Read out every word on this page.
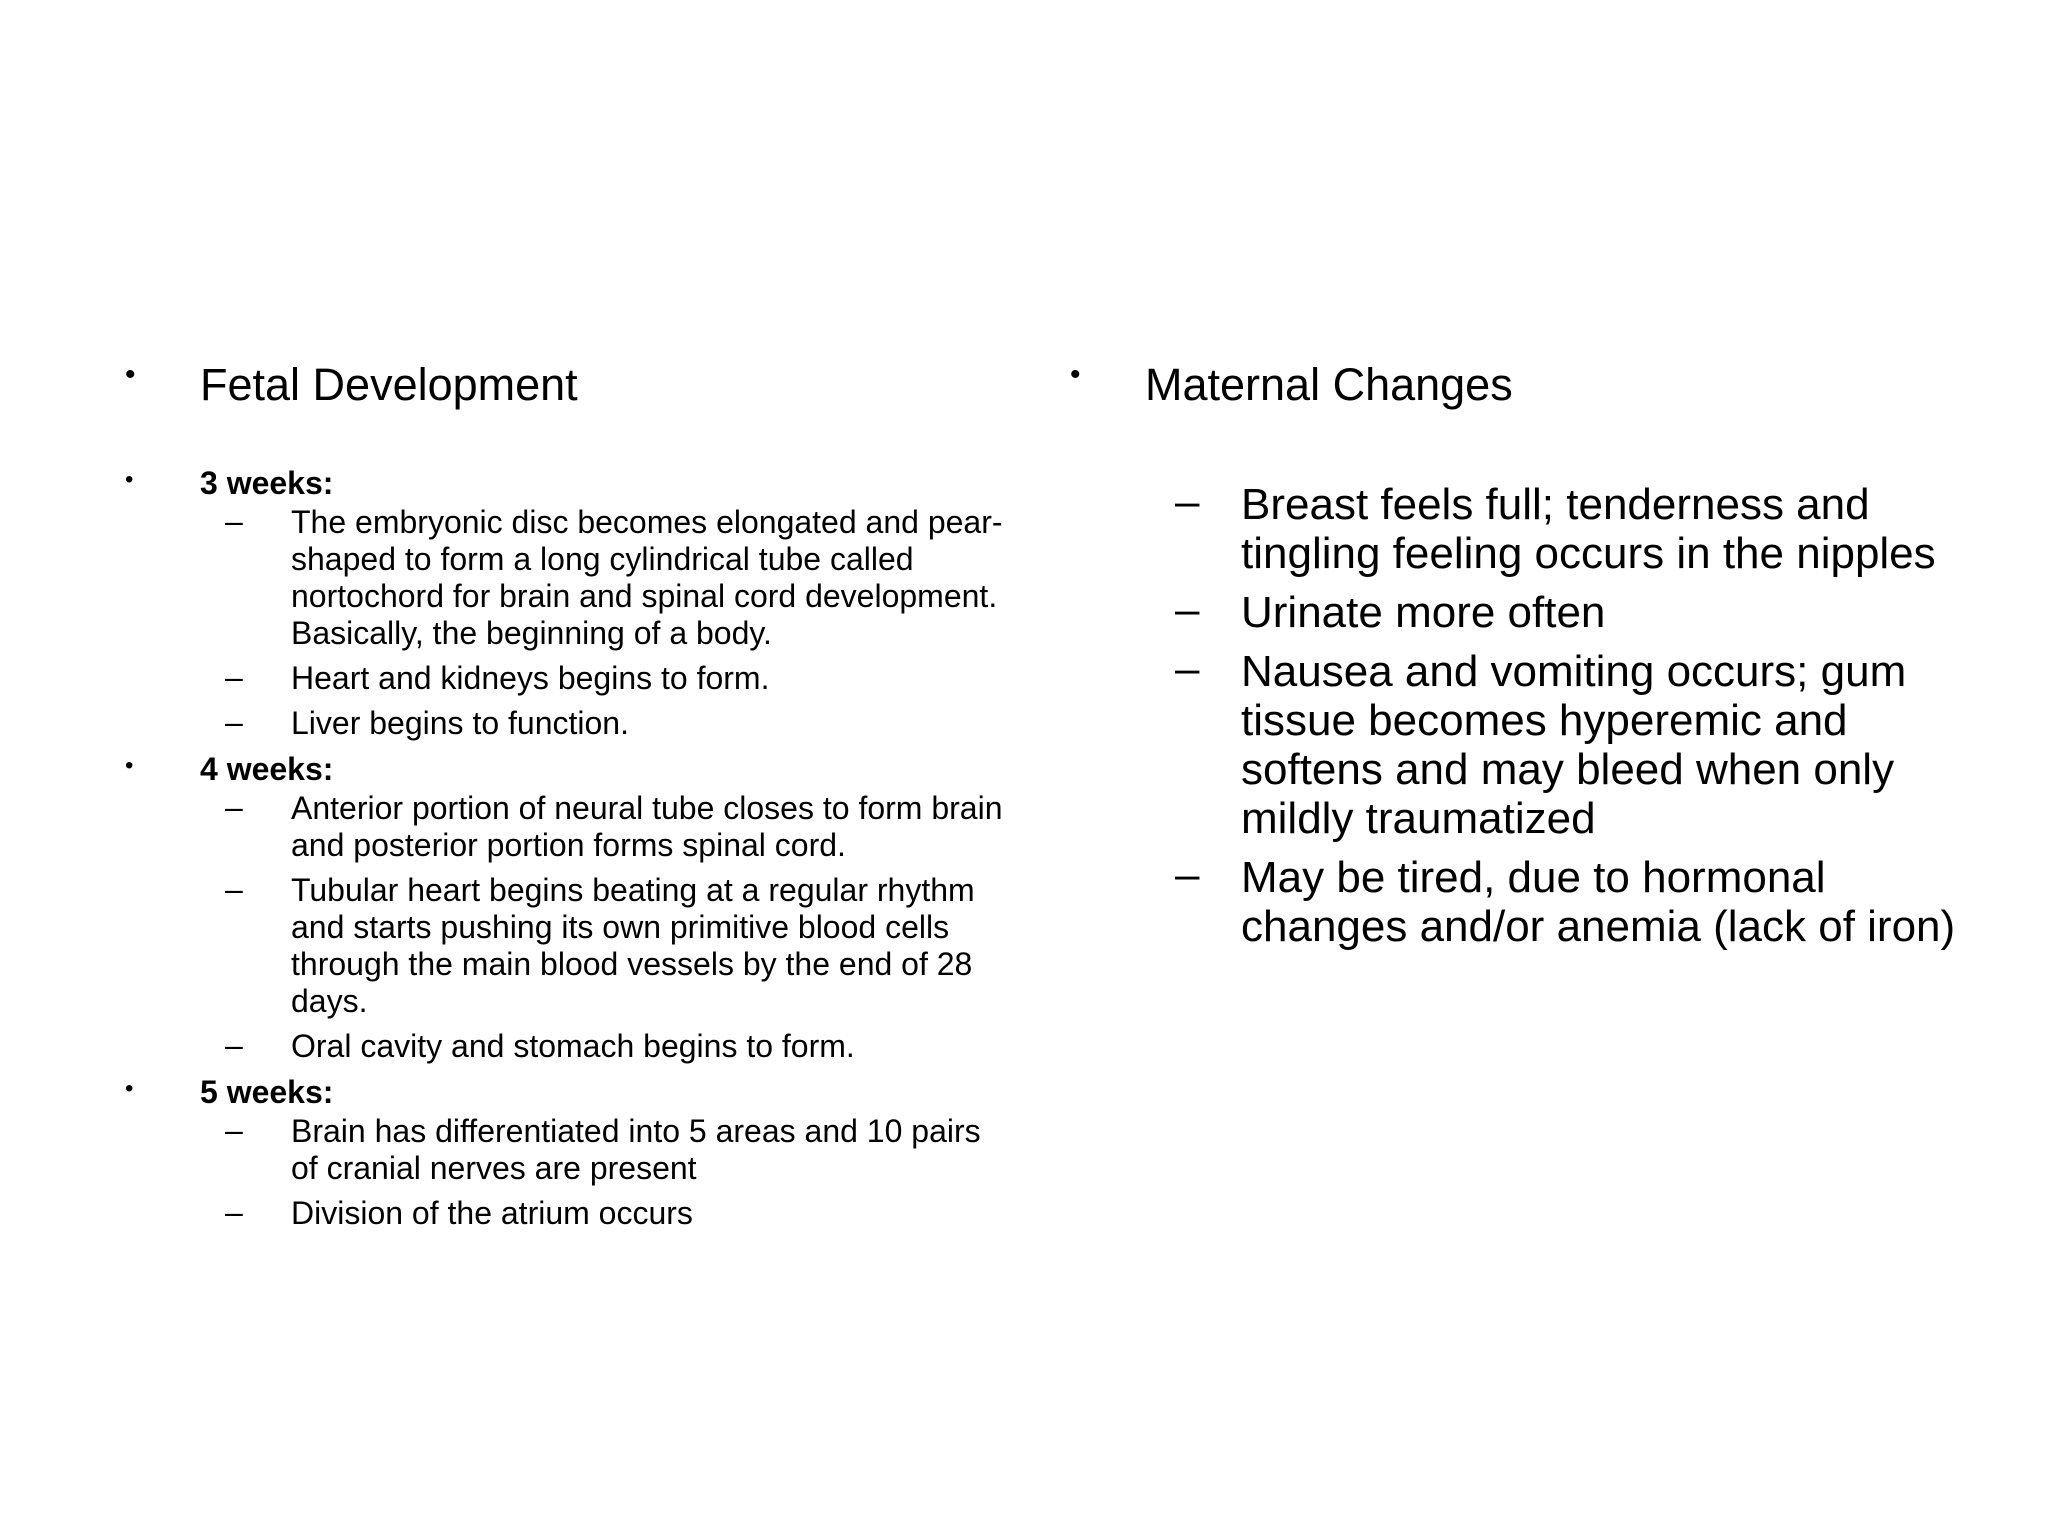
• Fetal Development
• 3 weeks:
– The embryonic disc becomes elongated and pear-shaped to form a long cylindrical tube called nortochord for brain and spinal cord development. Basically, the beginning of a body.
– Heart and kidneys begins to form.
– Liver begins to function.
• 4 weeks:
– Anterior portion of neural tube closes to form brain and posterior portion forms spinal cord.
– Tubular heart begins beating at a regular rhythm and starts pushing its own primitive blood cells through the main blood vessels by the end of 28 days.
– Oral cavity and stomach begins to form.
• 5 weeks:
– Brain has differentiated into 5 areas and 10 pairs of cranial nerves are present
– Division of the atrium occurs
• Maternal Changes
– Breast feels full; tenderness and tingling feeling occurs in the nipples
– Urinate more often
– Nausea and vomiting occurs; gum tissue becomes hyperemic and softens and may bleed when only mildly traumatized
– May be tired, due to hormonal changes and/or anemia (lack of iron)
